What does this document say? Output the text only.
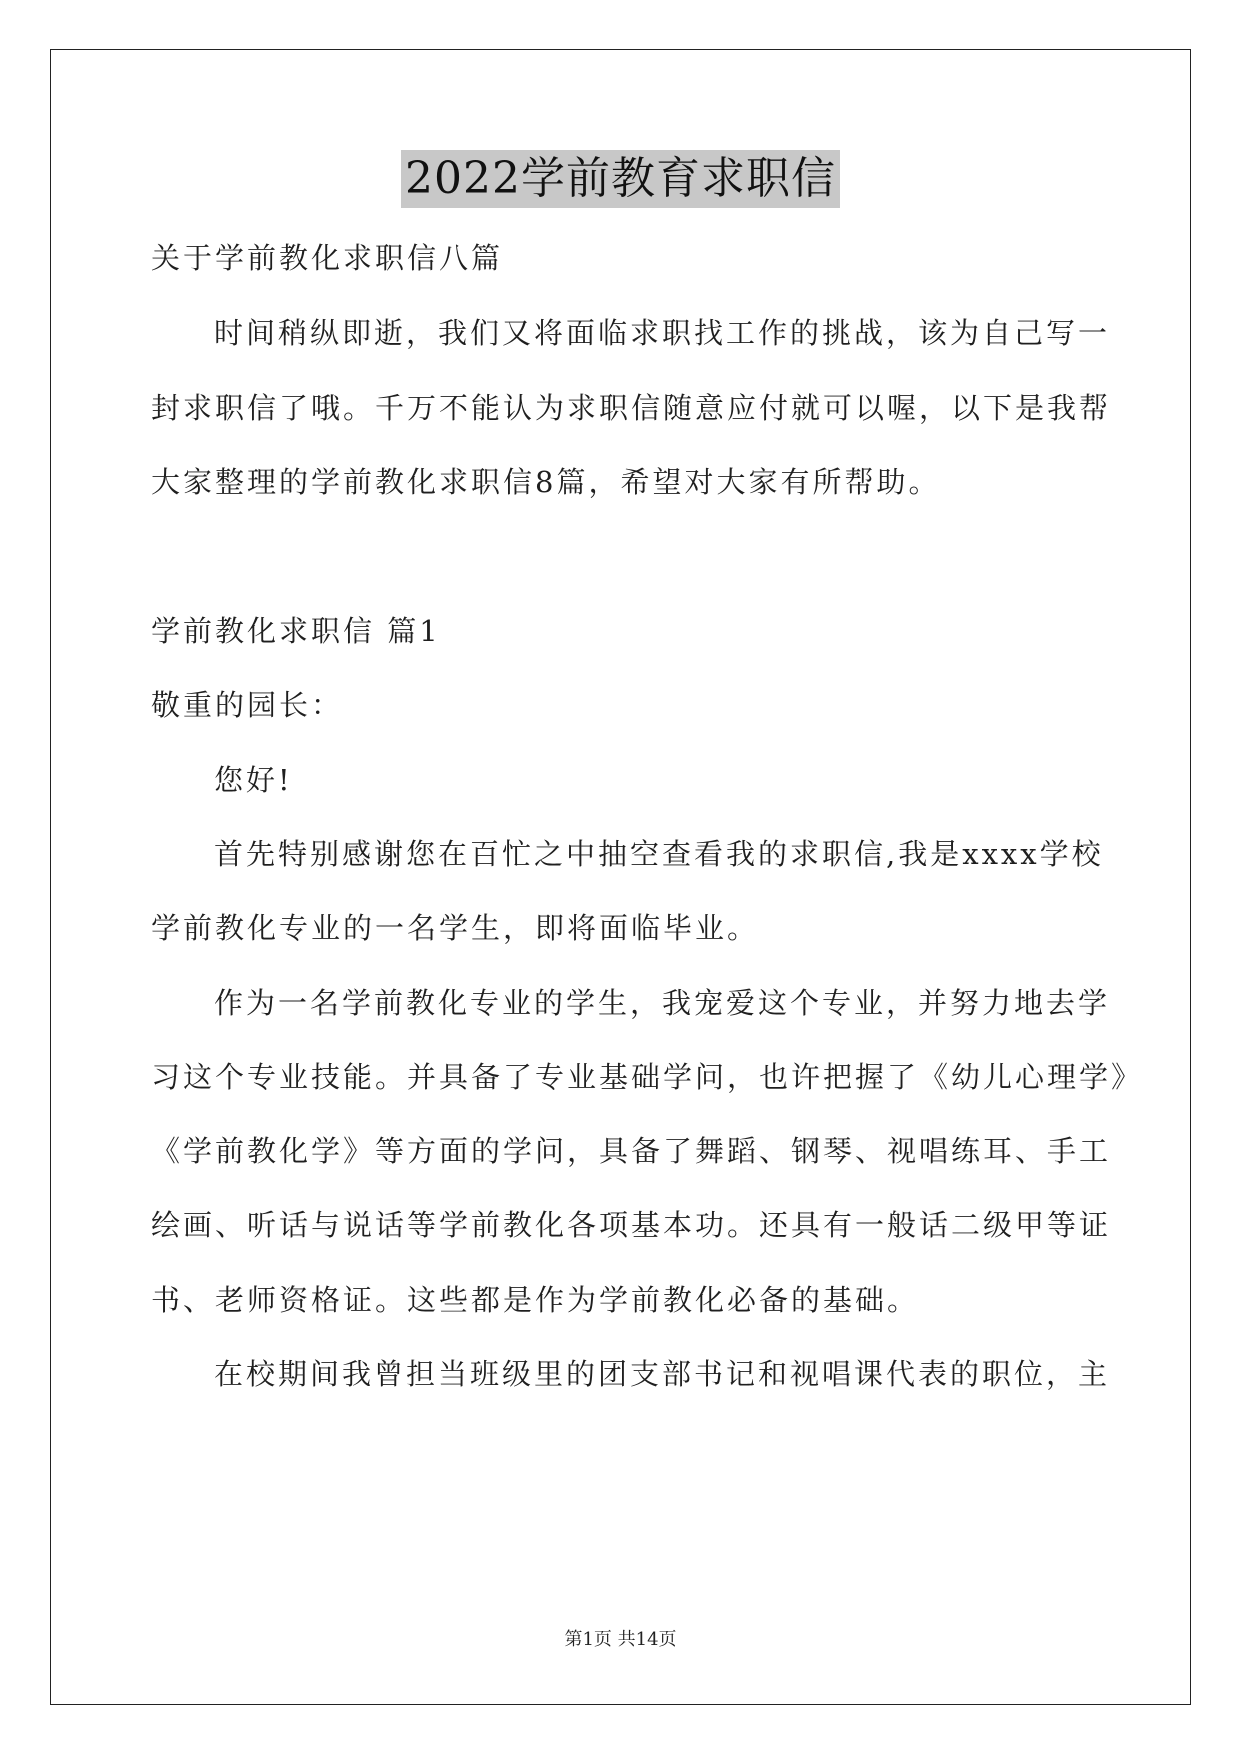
2022学前教育求职信
关于学前教化求职信八篇
时间稍纵即逝，我们又将面临求职找工作的挑战，该为自己写一
封求职信了哦。千万不能认为求职信随意应付就可以喔，以下是我帮
大家整理的学前教化求职信8篇，希望对大家有所帮助。
学前教化求职信 篇1
敬重的园长：
您好!
首先特别感谢您在百忙之中抽空查看我的求职信,我是xxxx学校
学前教化专业的一名学生，即将面临毕业。
作为一名学前教化专业的学生，我宠爱这个专业，并努力地去学
习这个专业技能。并具备了专业基础学问，也许把握了《幼儿心理学》
《学前教化学》等方面的学问，具备了舞蹈、钢琴、视唱练耳、手工
绘画、听话与说话等学前教化各项基本功。还具有一般话二级甲等证
书、老师资格证。这些都是作为学前教化必备的基础。
在校期间我曾担当班级里的团支部书记和视唱课代表的职位，主
第1页 共14页
